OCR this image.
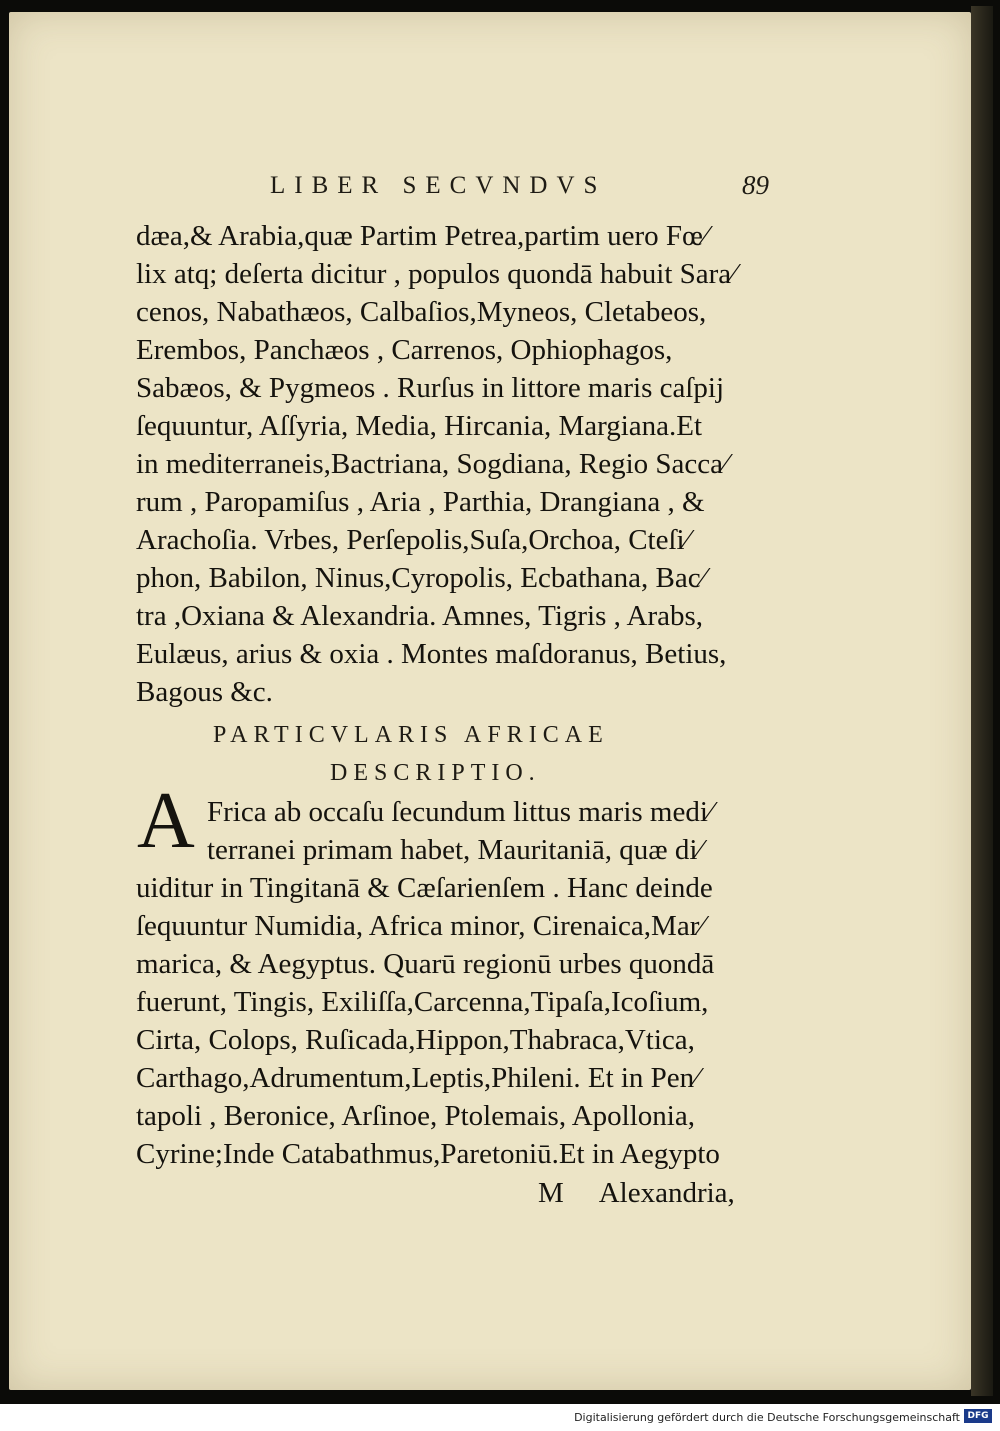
LIBER SECVNDVS	89
dæa,& Arabia,quæ Partim Petrea,partim uero Fœ⁄
lix atq; deſerta dicitur , populos quondā habuit Sara⁄
cenos, Nabathæos, Calbaſios,Myneos, Cletabeos,
Erembos, Panchæos , Carrenos, Ophiophagos,
Sabæos, & Pygmeos . Rurſus in littore maris caſpij
ſequuntur, Aſſyria, Media, Hircania, Margiana.Et
in mediterraneis,Bactriana, Sogdiana, Regio Sacca⁄
rum , Paropamiſus , Aria , Parthia, Drangiana , &
Arachoſia. Vrbes, Perſepolis,Suſa,Orchoa, Cteſi⁄
phon, Babilon, Ninus,Cyropolis, Ecbathana, Bac⁄
tra ,Oxiana & Alexandria. Amnes, Tigris , Arabs,
Eulæus, arius & oxia . Montes maſdoranus, Betius,
Bagous &c.
PARTICVLARIS AFRICAE
DESCRIPTIO.
A Frica ab occaſu ſecundum littus maris medi⁄
terranei primam habet, Mauritaniā, quæ di⁄
uiditur in Tingitanā & Cæſarienſem . Hanc deinde
ſequuntur Numidia, Africa minor, Cirenaica,Mar⁄
marica, & Aegyptus. Quarū regionū urbes quondā
fuerunt, Tingis, Exiliſſa,Carcenna,Tipaſa,Icoſium,
Cirta, Colops, Ruſicada,Hippon,Thabraca,Vtica,
Carthago,Adrumentum,Leptis,Phileni. Et in Pen⁄
tapoli , Beronice, Arſinoe, Ptolemais, Apollonia,
Cyrine;Inde Catabathmus,Paretoniū.Et in Aegypto
M Alexandria,
Digitalisierung gefördert durch die Deutsche Forschungsgemeinschaft DFG
